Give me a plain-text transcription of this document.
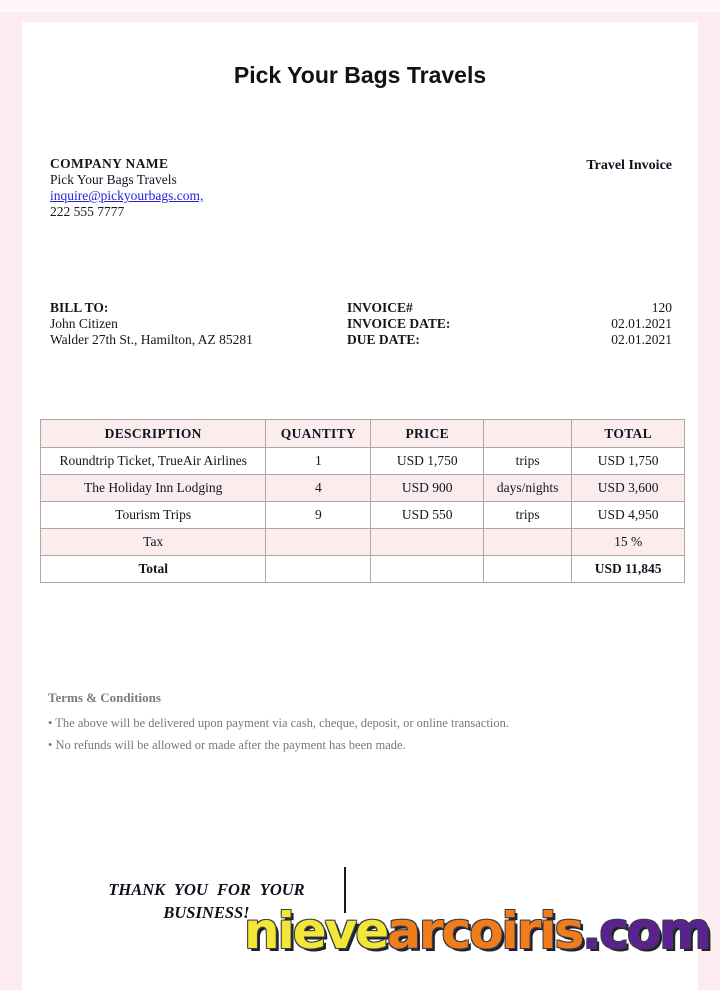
Pick Your Bags Travels
COMPANY NAME
Pick Your Bags Travels
inquire@pickyourbags.com,
222 555 7777
Travel Invoice
BILL TO:
John Citizen
Walder 27th St., Hamilton, AZ 85281
INVOICE#	120
INVOICE DATE:	02.01.2021
DUE DATE:	02.01.2021
DESCRIPTION	QUANTITY	PRICE		TOTAL
Roundtrip Ticket, TrueAir Airlines	1	USD 1,750	trips	USD 1,750
The Holiday Inn Lodging	4	USD 900	days/nights	USD 3,600
Tourism Trips	9	USD 550	trips	USD 4,950
Tax				15 %
Total				USD 11,845
Terms & Conditions
• The above will be delivered upon payment via cash, cheque, deposit, or online transaction.
• No refunds will be allowed or made after the payment has been made.
THANK YOU FOR YOUR
BUSINESS!
nievearcoiris.com
